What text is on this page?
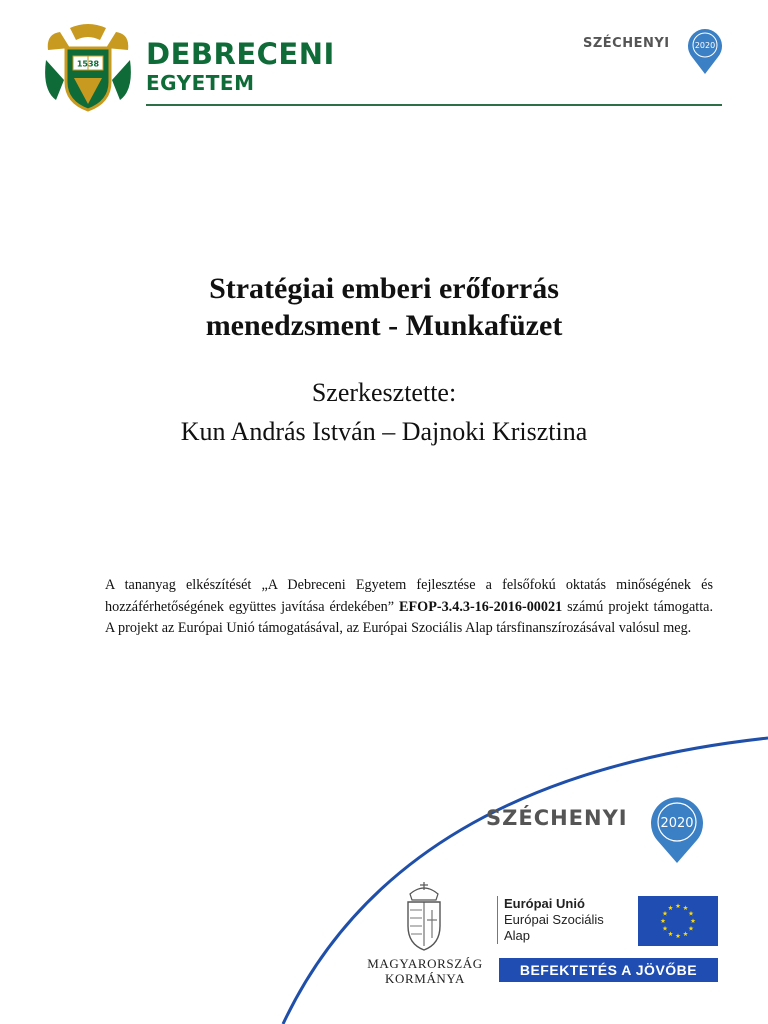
1538 DEBRECENI
EGYETEM
SZÉCHENYI	2020
Stratégiai emberi erőforrás
menedzsment - Munkafüzet
Szerkesztette:
Kun András István – Dajnoki Krisztina
A tananyag elkészítését „A Debreceni Egyetem fejlesztése a felsőfokú oktatás minőségének és hozzáférhetőségének együttes javítása érdekében” EFOP-3.4.3-16-2016-00021 számú projekt támogatta. A projekt az Európai Unió támogatásával, az Európai Szociális Alap társfinanszírozásával valósul meg.
SZÉCHENYI	2020
MAGYARORSZÁG
KORMÁNYA
Európai Unió
Európai Szociális
Alap
BEFEKTETÉS A JÖVŐBE
